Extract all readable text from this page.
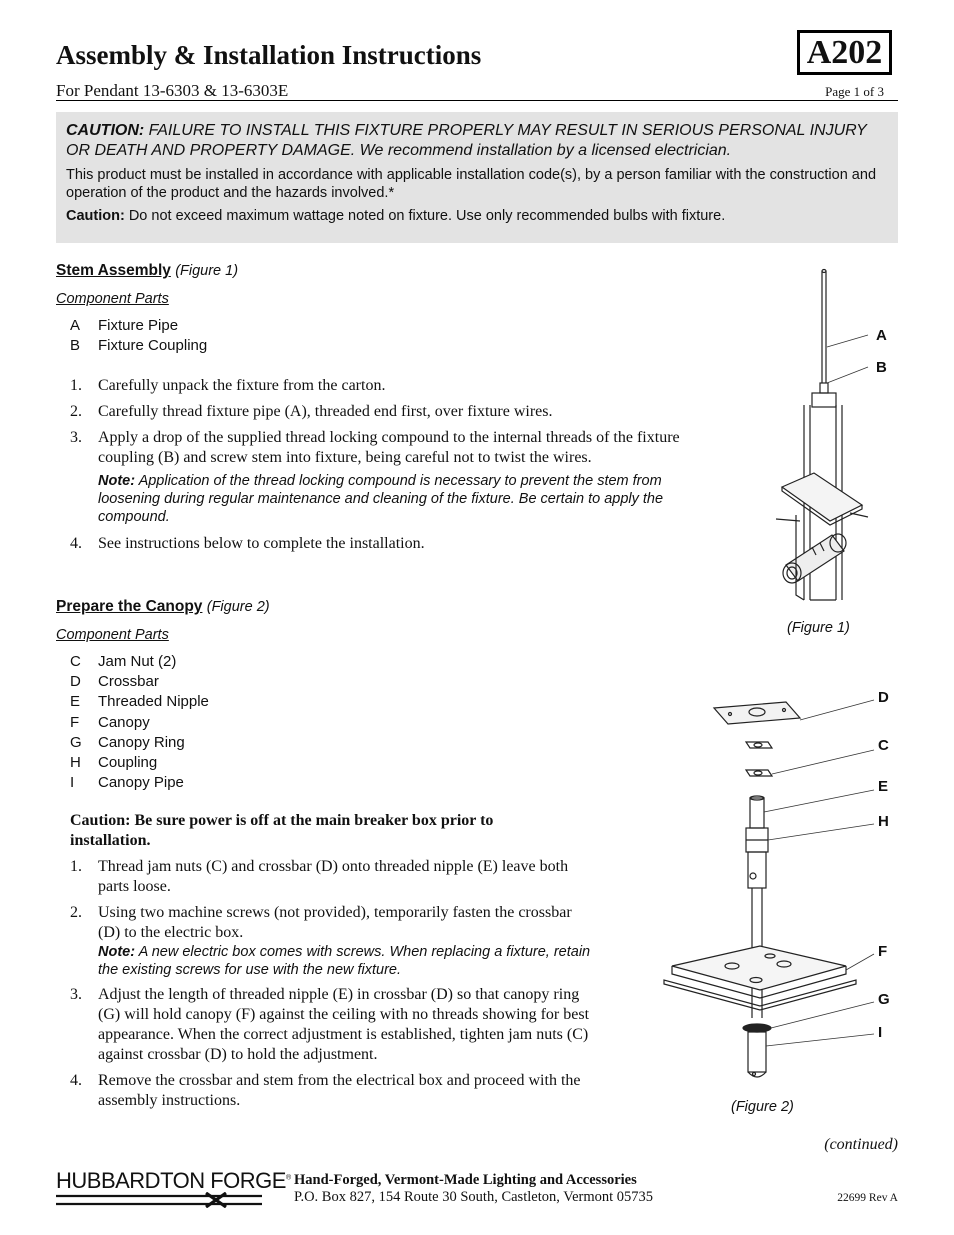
Assembly & Installation Instructions	A202
For Pendant 13-6303 & 13-6303E	Page 1 of 3
CAUTION: FAILURE TO INSTALL THIS FIXTURE PROPERLY MAY RESULT IN SERIOUS PERSONAL INJURY OR DEATH AND PROPERTY DAMAGE. We recommend installation by a licensed electrician.

This product must be installed in accordance with applicable installation code(s), by a person familiar with the construction and operation of the product and the hazards involved.*

Caution: Do not exceed maximum wattage noted on fixture. Use only recommended bulbs with fixture.

Stem Assembly (Figure 1)
Component Parts
A	Fixture Pipe
B	Fixture Coupling
1.	Carefully unpack the fixture from the carton.
2.	Carefully thread fixture pipe (A), threaded end first, over fixture wires.
3.	Apply a drop of the supplied thread locking compound to the internal threads of the fixture coupling (B) and screw stem into fixture, being careful not to twist the wires.
Note: Application of the thread locking compound is necessary to prevent the stem from loosening during regular maintenance and cleaning of the fixture. Be certain to apply the compound.
4.	See instructions below to complete the installation.
A
B
(Figure 1)
Prepare the Canopy (Figure 2)
Component Parts
C	Jam Nut (2)
D	Crossbar
E	Threaded Nipple
F	Canopy
G	Canopy Ring
H	Coupling
I	Canopy Pipe
Caution: Be sure power is off at the main breaker box prior to installation.
1.	Thread jam nuts (C) and crossbar (D) onto threaded nipple (E) leave both parts loose.
2.	Using two machine screws (not provided), temporarily fasten the crossbar (D) to the electric box.
Note: A new electric box comes with screws. When replacing a fixture, retain the existing screws for use with the new fixture.
3.	Adjust the length of threaded nipple (E) in crossbar (D) so that canopy ring (G) will hold canopy (F) against the ceiling with no threads showing for best appearance. When the correct adjustment is established, tighten jam nuts (C) against crossbar (D) to hold the adjustment.
4.	Remove the crossbar and stem from the electrical box and proceed with the assembly instructions.
D
C
E
H
F
G
I
(Figure 2)
(continued)
HUBBARDTON FORGE® Hand-Forged, Vermont-Made Lighting and Accessories
P.O. Box 827, 154 Route 30 South, Castleton, Vermont 05735	22699 Rev A
